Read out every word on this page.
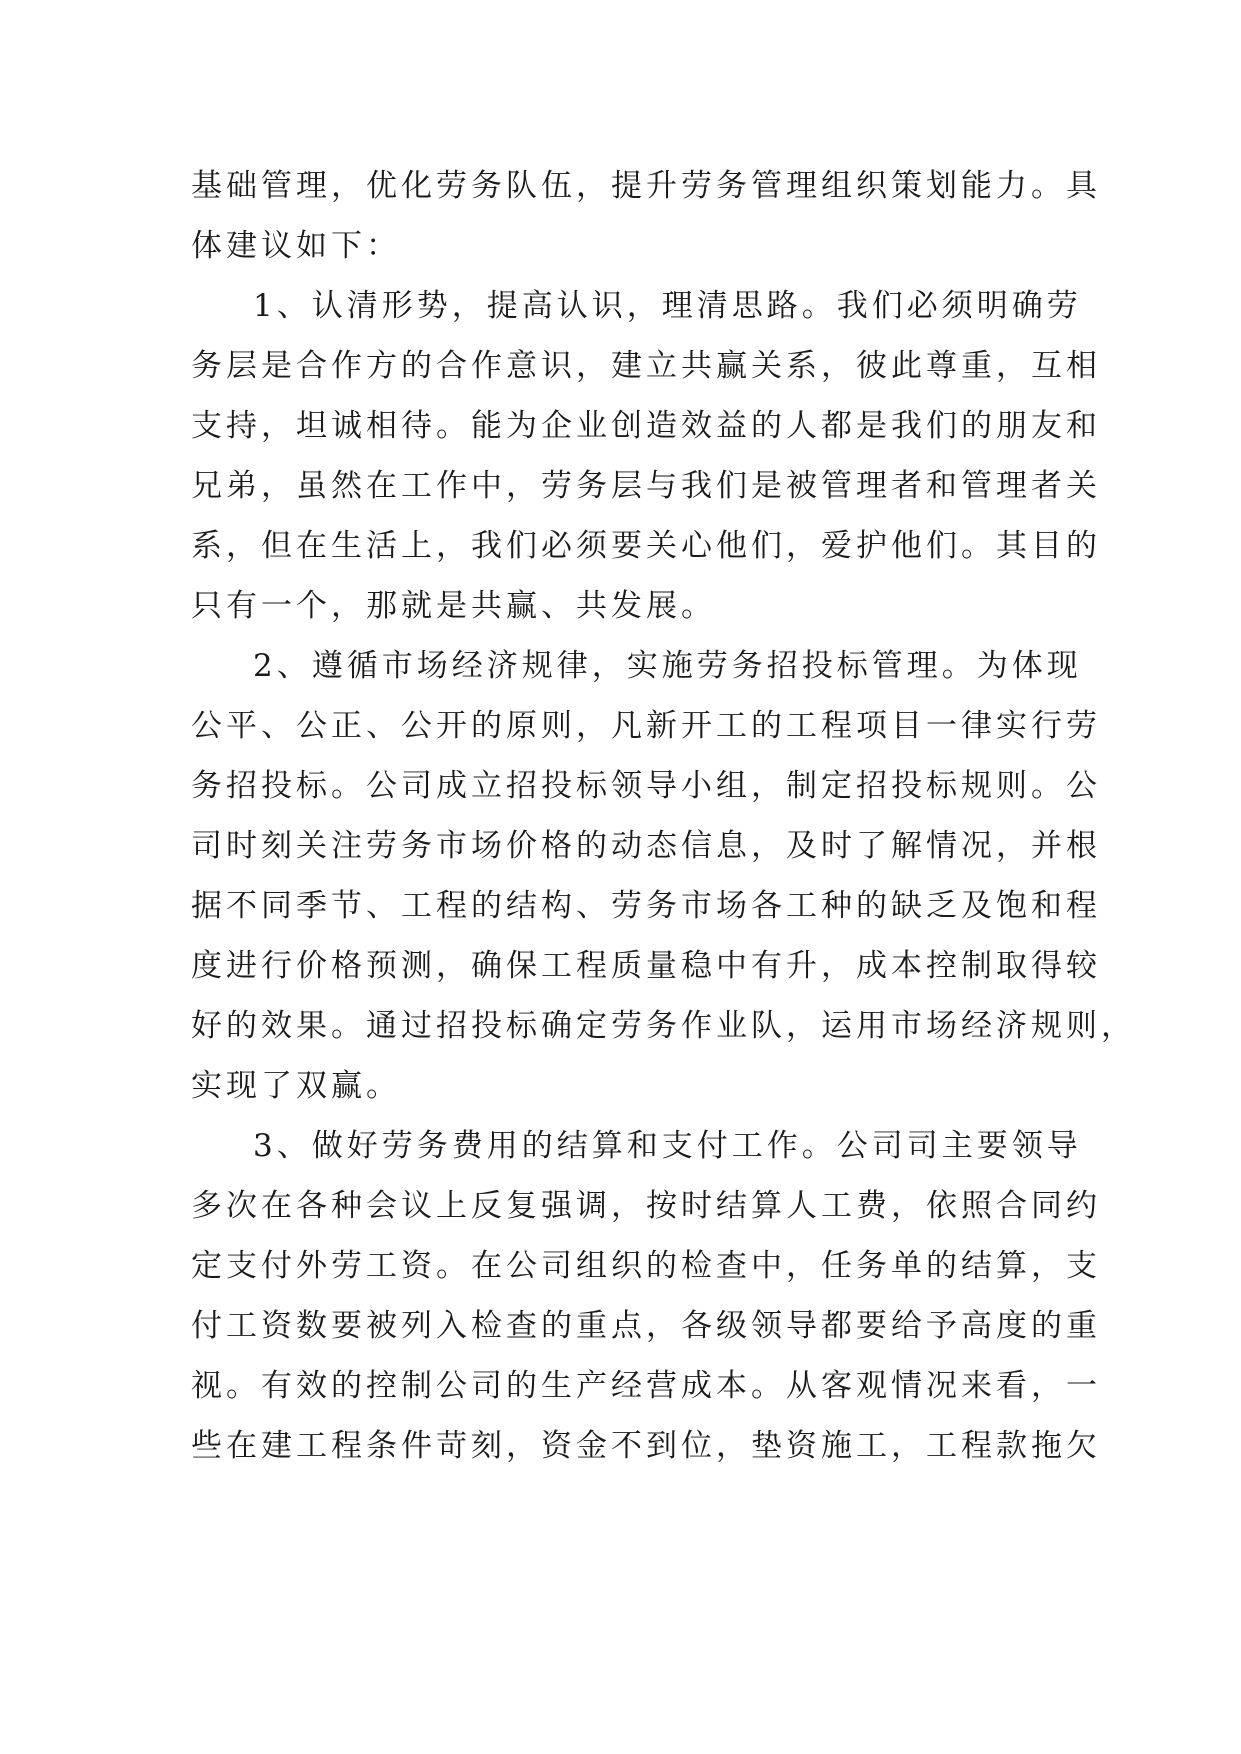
基础管理，优化劳务队伍，提升劳务管理组织策划能力。具
体建议如下：
1、认清形势，提高认识，理清思路。我们必须明确劳
务层是合作方的合作意识，建立共赢关系，彼此尊重，互相
支持，坦诚相待。能为企业创造效益的人都是我们的朋友和
兄弟，虽然在工作中，劳务层与我们是被管理者和管理者关
系，但在生活上，我们必须要关心他们，爱护他们。其目的
只有一个，那就是共赢、共发展。
2、遵循市场经济规律，实施劳务招投标管理。为体现
公平、公正、公开的原则，凡新开工的工程项目一律实行劳
务招投标。公司成立招投标领导小组，制定招投标规则。公
司时刻关注劳务市场价格的动态信息，及时了解情况，并根
据不同季节、工程的结构、劳务市场各工种的缺乏及饱和程
度进行价格预测，确保工程质量稳中有升，成本控制取得较
好的效果。通过招投标确定劳务作业队，运用市场经济规则，
实现了双赢。
3、做好劳务费用的结算和支付工作。公司司主要领导
多次在各种会议上反复强调，按时结算人工费，依照合同约
定支付外劳工资。在公司组织的检查中，任务单的结算，支
付工资数要被列入检查的重点，各级领导都要给予高度的重
视。有效的控制公司的生产经营成本。从客观情况来看，一
些在建工程条件苛刻，资金不到位，垫资施工，工程款拖欠
